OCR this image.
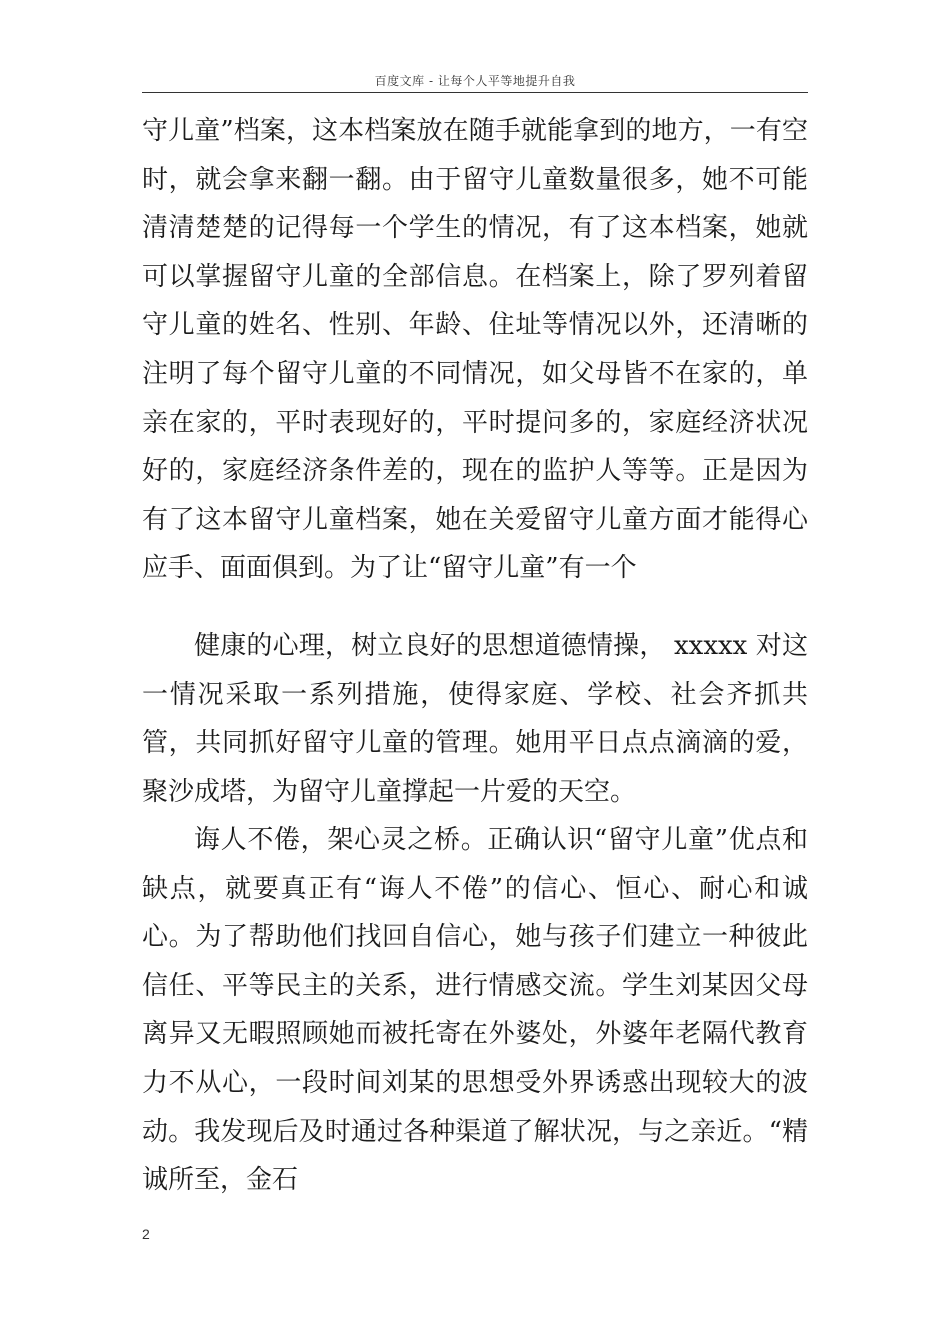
百度文库 - 让每个人平等地提升自我

守儿童”档案，这本档案放在随手就能拿到的地方，一有空时，就会拿来翻一翻。由于留守儿童数量很多，她不可能清清楚楚的记得每一个学生的情况，有了这本档案，她就可以掌握留守儿童的全部信息。在档案上，除了罗列着留守儿童的姓名、性别、年龄、住址等情况以外，还清晰的注明了每个留守儿童的不同情况，如父母皆不在家的，单亲在家的，平时表现好的，平时提问多的，家庭经济状况好的，家庭经济条件差的，现在的监护人等等。正是因为有了这本留守儿童档案，她在关爱留守儿童方面才能得心应手、面面俱到。为了让“留守儿童”有一个

健康的心理，树立良好的思想道德情操， xxxxx 对这一情况采取一系列措施，使得家庭、学校、社会齐抓共管，共同抓好留守儿童的管理。她用平日点点滴滴的爱，聚沙成塔，为留守儿童撑起一片爱的天空。

诲人不倦，架心灵之桥。正确认识“留守儿童”优点和缺点，就要真正有“诲人不倦”的信心、恒心、耐心和诚心。为了帮助他们找回自信心，她与孩子们建立一种彼此信任、平等民主的关系，进行情感交流。学生刘某因父母离异又无暇照顾她而被托寄在外婆处，外婆年老隔代教育力不从心，一段时间刘某的思想受外界诱惑出现较大的波动。我发现后及时通过各种渠道了解状况，与之亲近。“精诚所至，金石

2
